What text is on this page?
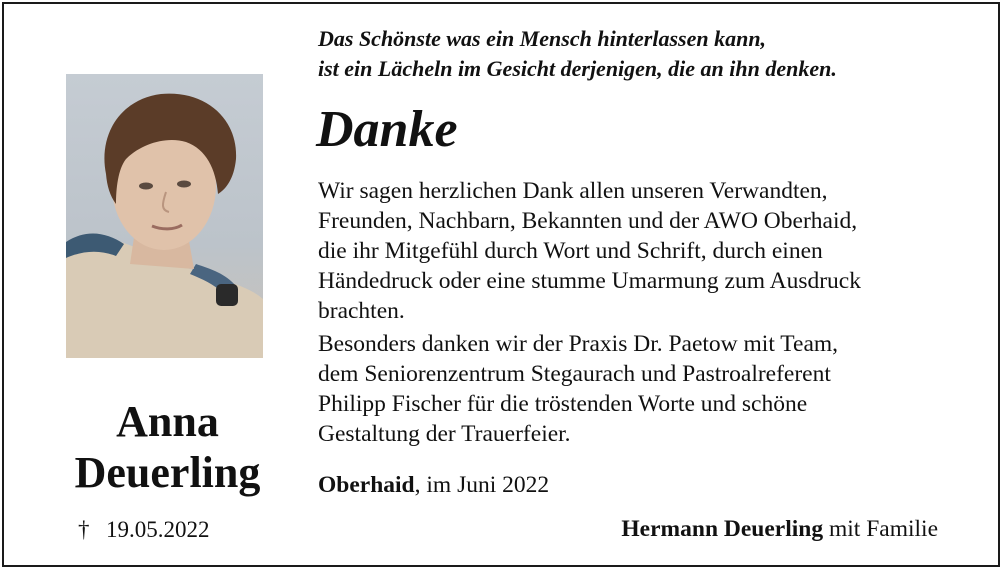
Das Schönste was ein Mensch hinterlassen kann,
ist ein Lächeln im Gesicht derjenigen, die an ihn denken.
Danke
Wir sagen herzlichen Dank allen unseren Verwandten,
Freunden, Nachbarn, Bekannten und der AWO Oberhaid,
die ihr Mitgefühl durch Wort und Schrift, durch einen
Händedruck oder eine stumme Umarmung zum Ausdruck
brachten.
Besonders danken wir der Praxis Dr. Paetow mit Team,
dem Seniorenzentrum Stegaurach und Pastroalreferent
Philipp Fischer für die tröstenden Worte und schöne
Gestaltung der Trauerfeier.
Anna
Deuerling
† 19.05.2022
Oberhaid, im Juni 2022
Hermann Deuerling mit Familie
